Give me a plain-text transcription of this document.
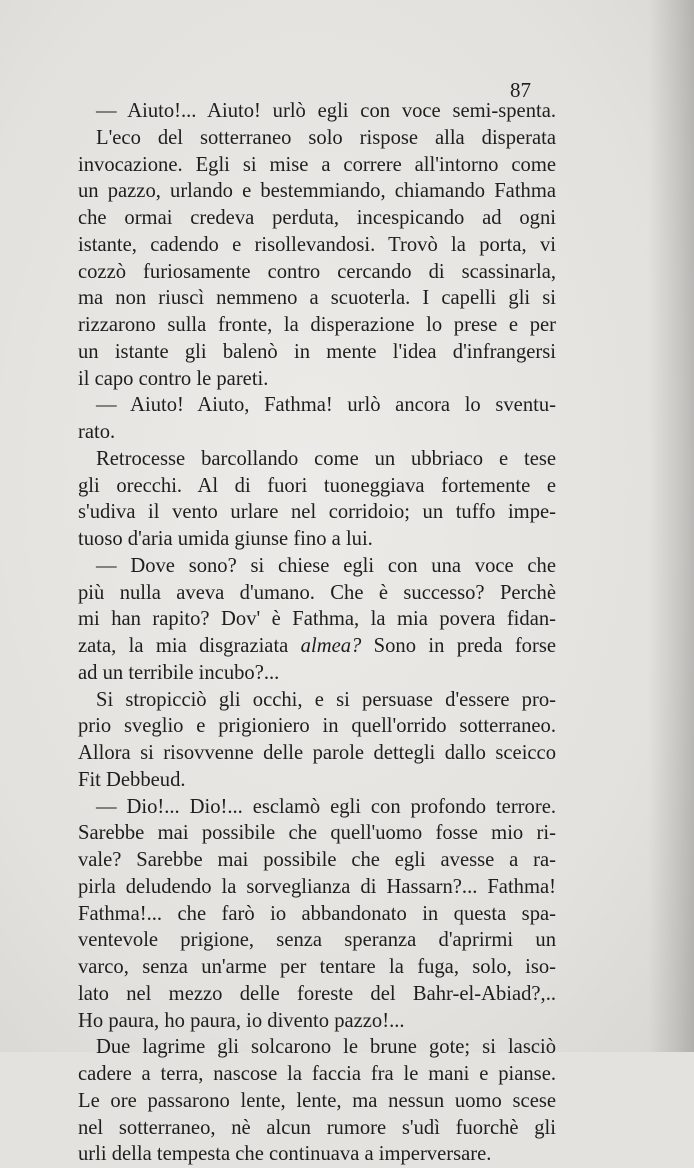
87
— Aiuto!... Aiuto! urlò egli con voce semi-spenta.
L'eco del sotterraneo solo rispose alla disperata
invocazione. Egli si mise a correre all'intorno come
un pazzo, urlando e bestemmiando, chiamando Fathma
che ormai credeva perduta, incespicando ad ogni
istante, cadendo e risollevandosi. Trovò la porta, vi
cozzò furiosamente contro cercando di scassinarla,
ma non riuscì nemmeno a scuoterla. I capelli gli si
rizzarono sulla fronte, la disperazione lo prese e per
un istante gli balenò in mente l'idea d'infrangersi
il capo contro le pareti.
— Aiuto! Aiuto, Fathma! urlò ancora lo sventu-
rato.
Retrocesse barcollando come un ubbriaco e tese
gli orecchi. Al di fuori tuoneggiava fortemente e
s'udiva il vento urlare nel corridoio; un tuffo impe-
tuoso d'aria umida giunse fino a lui.
— Dove sono? si chiese egli con una voce che
più nulla aveva d'umano. Che è successo? Perchè
mi han rapito? Dov' è Fathma, la mia povera fidan-
zata, la mia disgraziata almea? Sono in preda forse
ad un terribile incubo?...
Si stropicciò gli occhi, e si persuase d'essere pro-
prio sveglio e prigioniero in quell'orrido sotterraneo.
Allora si risovvenne delle parole dettegli dallo sceicco
Fit Debbeud.
— Dio!... Dio!... esclamò egli con profondo terrore.
Sarebbe mai possibile che quell'uomo fosse mio ri-
vale? Sarebbe mai possibile che egli avesse a ra-
pirla deludendo la sorveglianza di Hassarn?... Fathma!
Fathma!... che farò io abbandonato in questa spa-
ventevole prigione, senza speranza d'aprirmi un
varco, senza un'arme per tentare la fuga, solo, iso-
lato nel mezzo delle foreste del Bahr-el-Abiad?,..
Ho paura, ho paura, io divento pazzo!...
Due lagrime gli solcarono le brune gote; si lasciò
cadere a terra, nascose la faccia fra le mani e pianse.
Le ore passarono lente, lente, ma nessun uomo scese
nel sotterraneo, nè alcun rumore s'udì fuorchè gli
urli della tempesta che continuava a imperversare.
